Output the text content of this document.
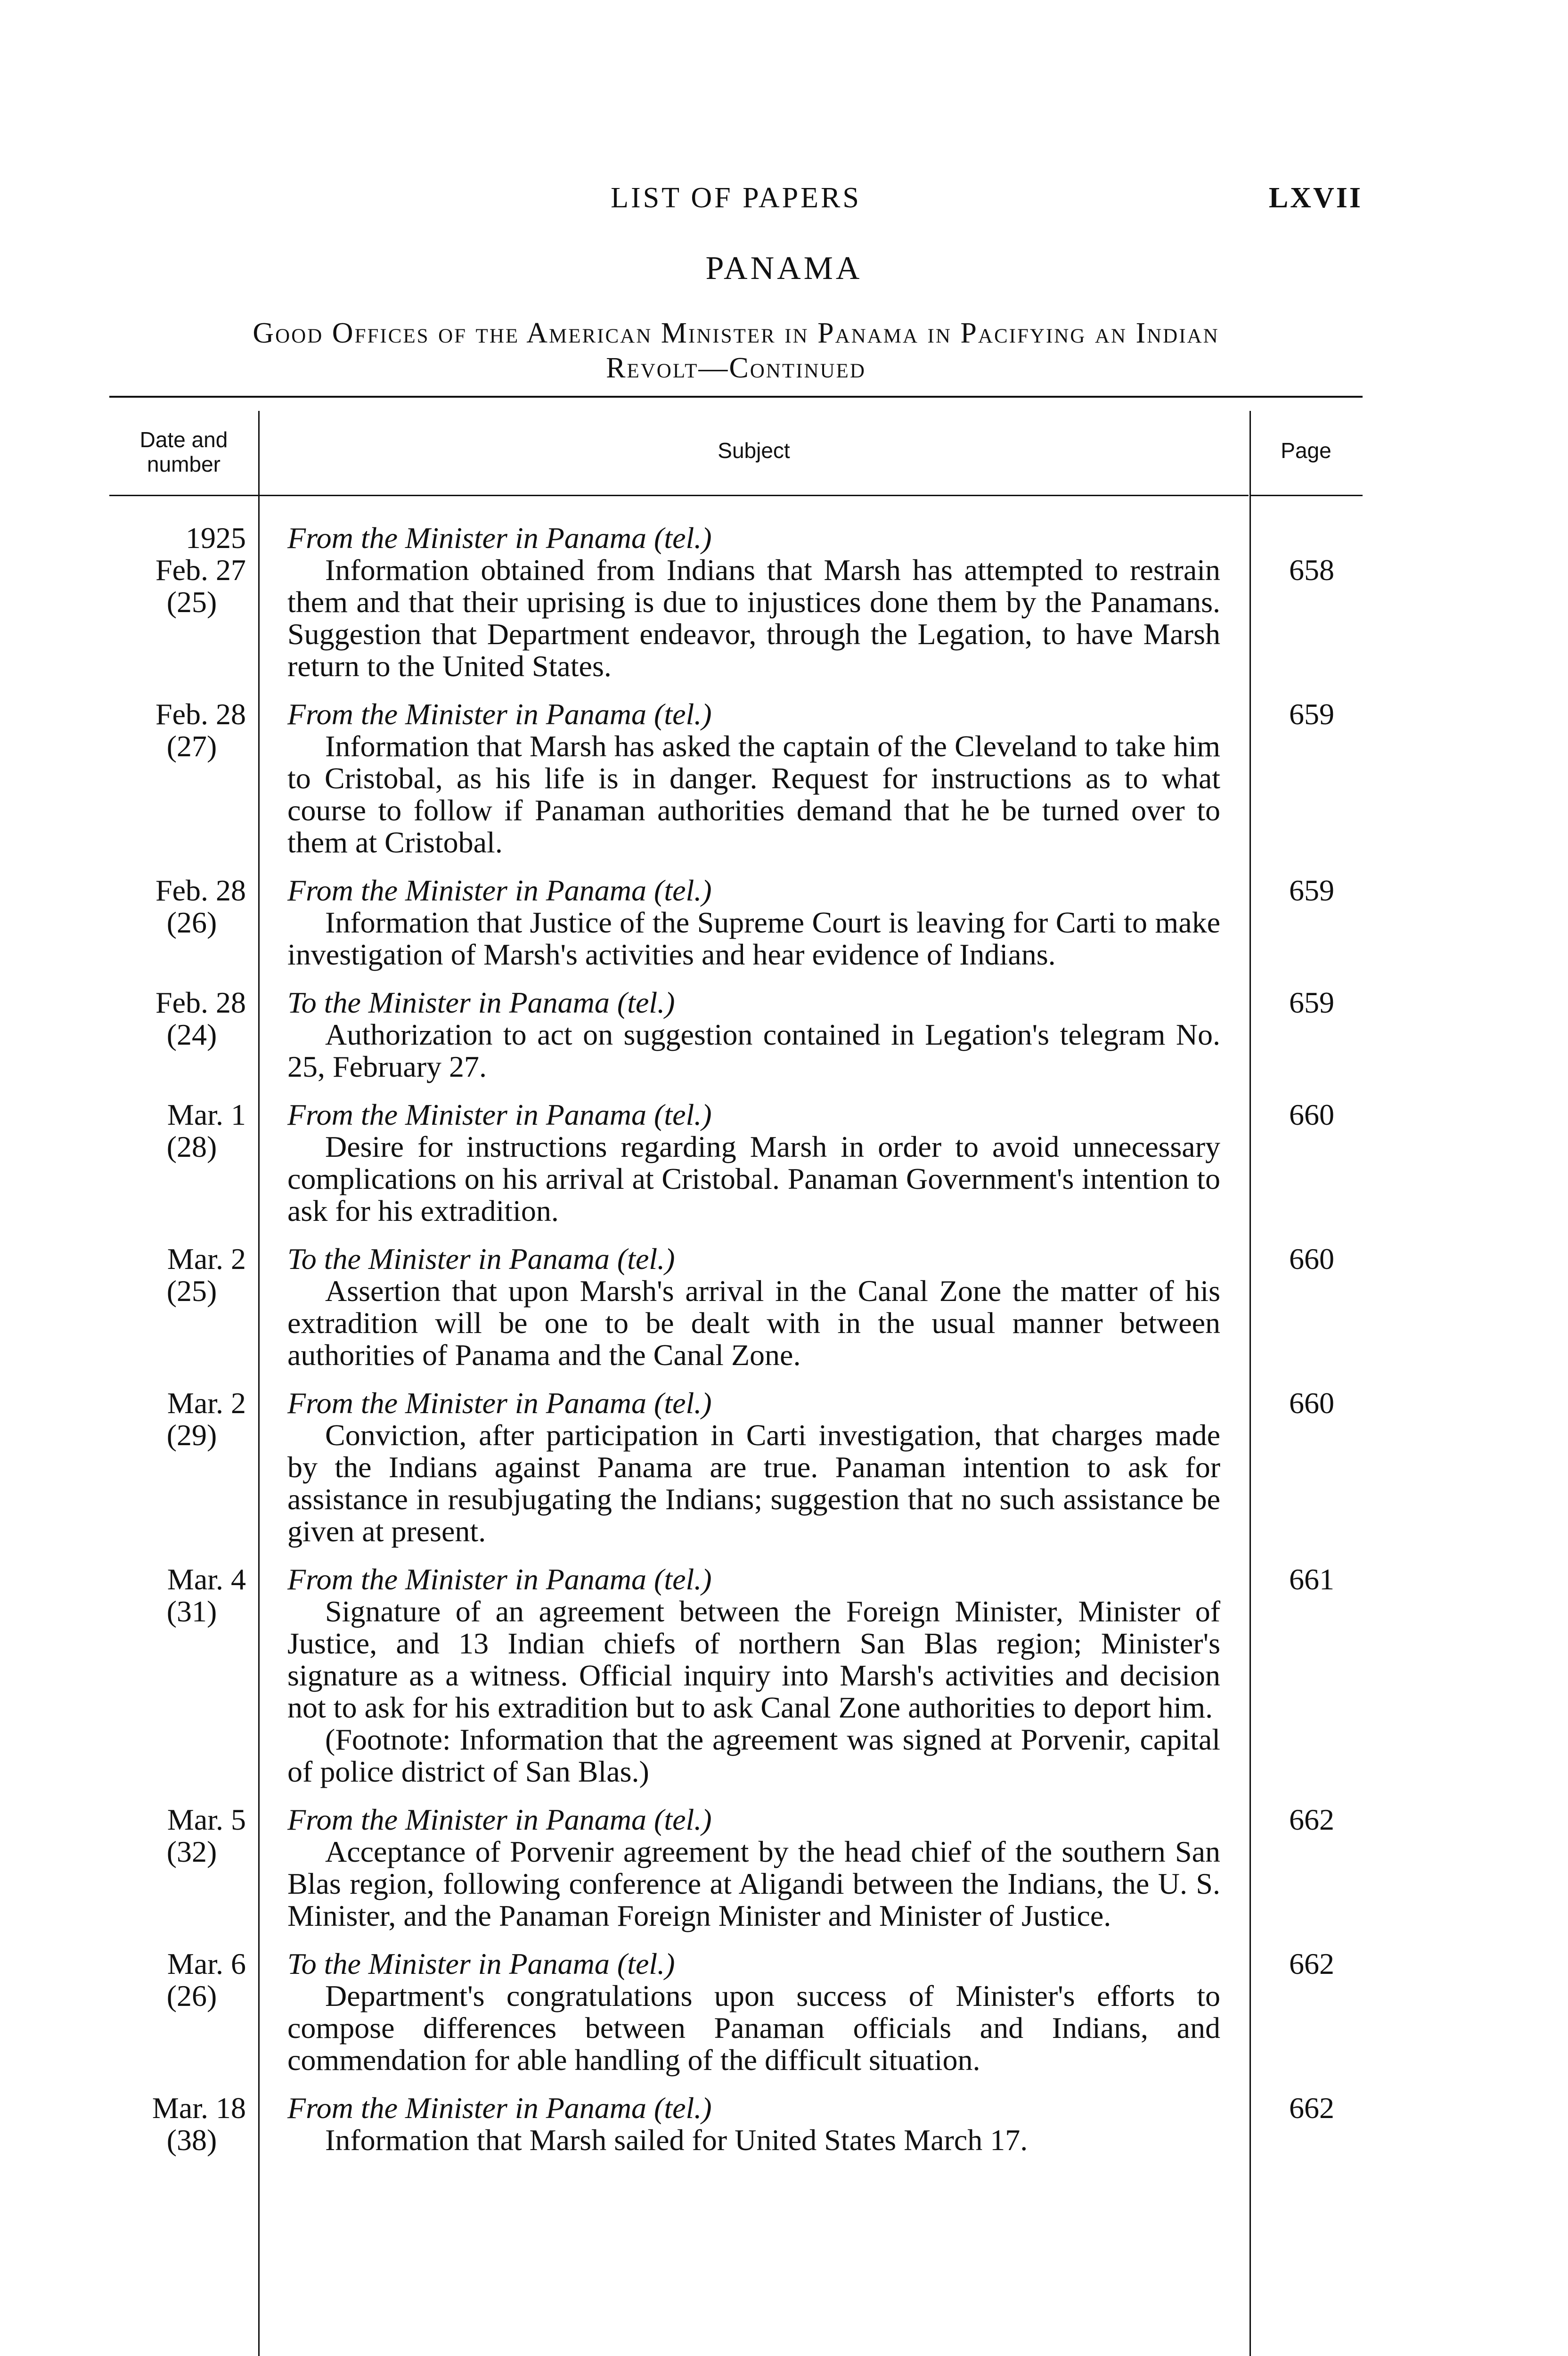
LIST OF PAPERS	LXVII
PANAMA
Good Offices of the American Minister in Panama in Pacifying an Indian
Revolt—Continued
Date and number
Subject	Page
1925
Feb. 27
(25)
From the Minister in Panama (tel.)
Information obtained from Indians that Marsh has attempted to restrain them and that their uprising is due to injustices done them by the Panamans. Suggestion that Department endeavor, through the Legation, to have Marsh return to the United States.
658
Feb. 28
(27)
From the Minister in Panama (tel.)
Information that Marsh has asked the captain of the Cleveland to take him to Cristobal, as his life is in danger. Request for instructions as to what course to follow if Panaman authorities demand that he be turned over to them at Cristobal.
659
Feb. 28
(26)
From the Minister in Panama (tel.)
Information that Justice of the Supreme Court is leaving for Carti to make investigation of Marsh's activities and hear evidence of Indians.
659
Feb. 28
(24)
To the Minister in Panama (tel.)
Authorization to act on suggestion contained in Legation's telegram No. 25, February 27.
659
Mar. 1
(28)
From the Minister in Panama (tel.)
Desire for instructions regarding Marsh in order to avoid unnecessary complications on his arrival at Cristobal. Panaman Government's intention to ask for his extradition.
660
Mar. 2
(25)
To the Minister in Panama (tel.)
Assertion that upon Marsh's arrival in the Canal Zone the matter of his extradition will be one to be dealt with in the usual manner between authorities of Panama and the Canal Zone.
660
Mar. 2
(29)
From the Minister in Panama (tel.)
Conviction, after participation in Carti investigation, that charges made by the Indians against Panama are true. Panaman intention to ask for assistance in resubjugating the Indians; suggestion that no such assistance be given at present.
660
Mar. 4
(31)
From the Minister in Panama (tel.)
Signature of an agreement between the Foreign Minister, Minister of Justice, and 13 Indian chiefs of northern San Blas region; Minister's signature as a witness. Official inquiry into Marsh's activities and decision not to ask for his extradition but to ask Canal Zone authorities to deport him.
(Footnote: Information that the agreement was signed at Porvenir, capital of police district of San Blas.)
661
Mar. 5
(32)
From the Minister in Panama (tel.)
Acceptance of Porvenir agreement by the head chief of the southern San Blas region, following conference at Aligandi between the Indians, the U. S. Minister, and the Panaman Foreign Minister and Minister of Justice.
662
Mar. 6
(26)
To the Minister in Panama (tel.)
Department's congratulations upon success of Minister's efforts to compose differences between Panaman officials and Indians, and commendation for able handling of the difficult situation.
662
Mar. 18
(38)
From the Minister in Panama (tel.)
Information that Marsh sailed for United States March 17.
662
